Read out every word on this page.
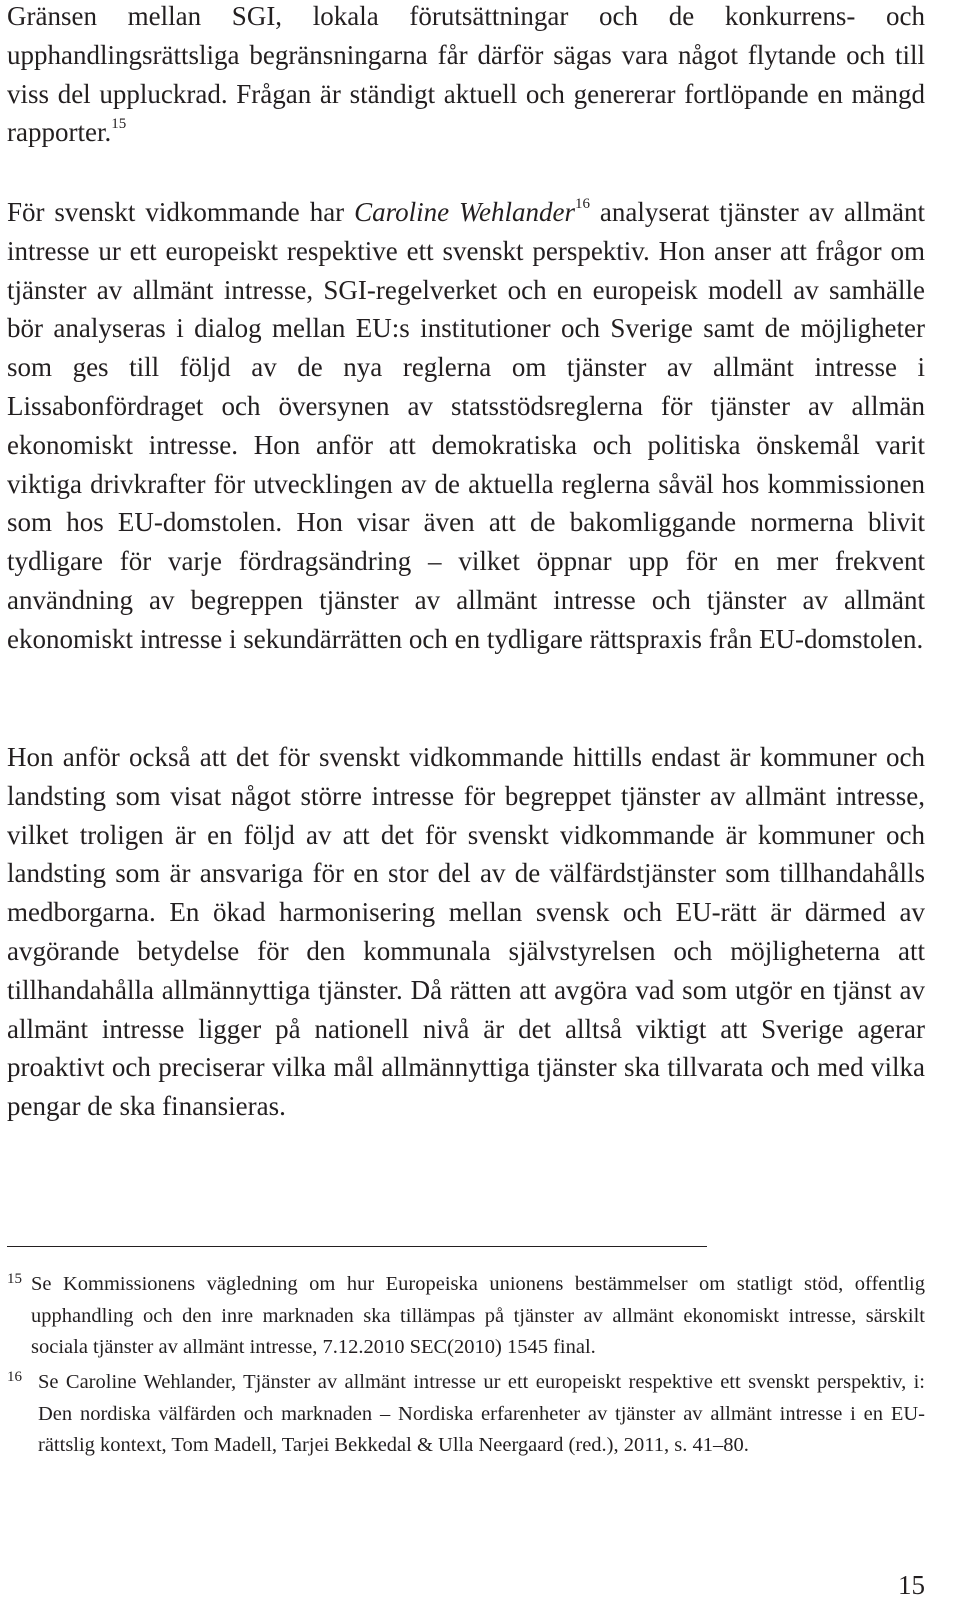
Gränsen mellan SGI, lokala förutsättningar och de konkurrens- och upphandlingsrättsliga begränsningarna får därför sägas vara något flytande och till viss del uppluckrad. Frågan är ständigt aktuell och genererar fortlöpande en mängd rapporter.$^{15}$

För svenskt vidkommande har Caroline Wehlander$^{16}$ analyserat tjänster av allmänt intresse ur ett europeiskt respektive ett svenskt perspektiv. Hon anser att frågor om tjänster av allmänt intresse, SGI-regelverket och en europeisk modell av samhälle bör analyseras i dialog mellan EU:s institutioner och Sverige samt de möjligheter som ges till följd av de nya reglerna om tjänster av allmänt intresse i Lissabonfördraget och översynen av statsstödsreglerna för tjänster av allmän ekonomiskt intresse. Hon anför att demokratiska och politiska önskemål varit viktiga drivkrafter för utvecklingen av de aktuella reglerna såväl hos kommissionen som hos EU-domstolen. Hon visar även att de bakomliggande normerna blivit tydligare för varje fördragsändring – vilket öppnar upp för en mer frekvent användning av begreppen tjänster av allmänt intresse och tjänster av allmänt ekonomiskt intresse i sekundärrätten och en tydligare rättspraxis från EU-domstolen.

Hon anför också att det för svenskt vidkommande hittills endast är kommuner och landsting som visat något större intresse för begreppet tjänster av allmänt intresse, vilket troligen är en följd av att det för svenskt vidkommande är kommuner och landsting som är ansvariga för en stor del av de välfärdstjänster som tillhandahålls medborgarna. En ökad harmonisering mellan svensk och EU-rätt är därmed av avgörande betydelse för den kommunala självstyrelsen och möjligheterna att tillhandahålla allmännyttiga tjänster. Då rätten att avgöra vad som utgör en tjänst av allmänt intresse ligger på nationell nivå är det alltså viktigt att Sverige agerar proaktivt och preciserar vilka mål allmännyttiga tjänster ska tillvarata och med vilka pengar de ska finansieras.

15 Se Kommissionens vägledning om hur Europeiska unionens bestämmelser om statligt stöd, offentlig upphandling och den inre marknaden ska tillämpas på tjänster av allmänt ekonomiskt intresse, särskilt sociala tjänster av allmänt intresse, 7.12.2010 SEC(2010) 1545 final.

16 Se Caroline Wehlander, Tjänster av allmänt intresse ur ett europeiskt respektive ett svenskt perspektiv, i: Den nordiska välfärden och marknaden – Nordiska erfarenheter av tjänster av allmänt intresse i en EU-rättslig kontext, Tom Madell, Tarjei Bekkedal & Ulla Neergaard (red.), 2011, s. 41–80.

15
